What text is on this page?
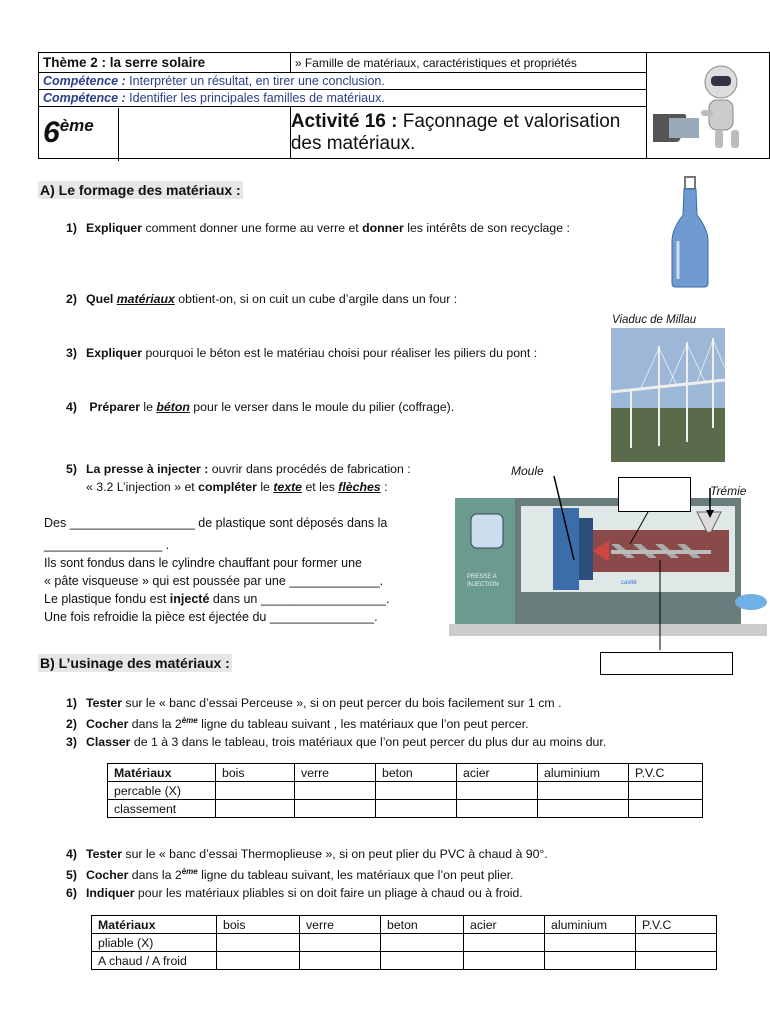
Thème 2 : la serre solaire	» Famille de matériaux, caractéristiques et propriétés	
Compétence : Interpréter un résultat, en tirer une conclusion.		
Compétence : Identifier les principales familles de matériaux.		
6ème	Activité 16 : Façonnage et valorisation des matériaux.	
A) Le formage des matériaux :
1) Expliquer comment donner une forme au verre et donner les intérêts de son recyclage :
2) Quel matériaux obtient-on, si on cuit un cube d’argile dans un four :
Viaduc de Millau
3) Expliquer pourquoi le béton est le matériau choisi pour réaliser les piliers du pont :
4) Préparer le béton pour le verser dans le moule du pilier (coffrage).
5) La presse à injecter : ouvrir dans procédés de fabrication :
« 3.2 L’injection » et compléter le texte et les flèches :
Des __________________ de plastique sont déposés dans la
_________________ .
Ils sont fondus dans le cylindre chauffant pour former une
« pâte visqueuse » qui est poussée par une _____________.
Le plastique fondu est injecté dans un __________________.
Une fois refroidie la pièce est éjectée du _______________.
Moule
Trémie
PRESSE A
INJECTION	cavité
B) L’usinage des matériaux :
1) Tester sur le « banc d’essai Perceuse », si on peut percer du bois facilement sur 1 cm .
2) Cocher dans la 2ème ligne du tableau suivant , les matériaux que l’on peut percer.
3) Classer de 1 à 3 dans le tableau, trois matériaux que l’on peut percer du plus dur au moins dur.
Matériaux	bois	verre	beton	acier	aluminium	P.V.C
percable (X)						
classement						
4) Tester sur le « banc d’essai Thermoplieuse », si on peut plier du PVC à chaud à 90°.
5) Cocher dans la 2ème ligne du tableau suivant, les matériaux que l’on peut plier.
6) Indiquer pour les matériaux pliables si on doit faire un pliage à chaud ou à froid.
Matériaux	bois	verre	beton	acier	aluminium	P.V.C
pliable (X)						
A chaud / A froid						
